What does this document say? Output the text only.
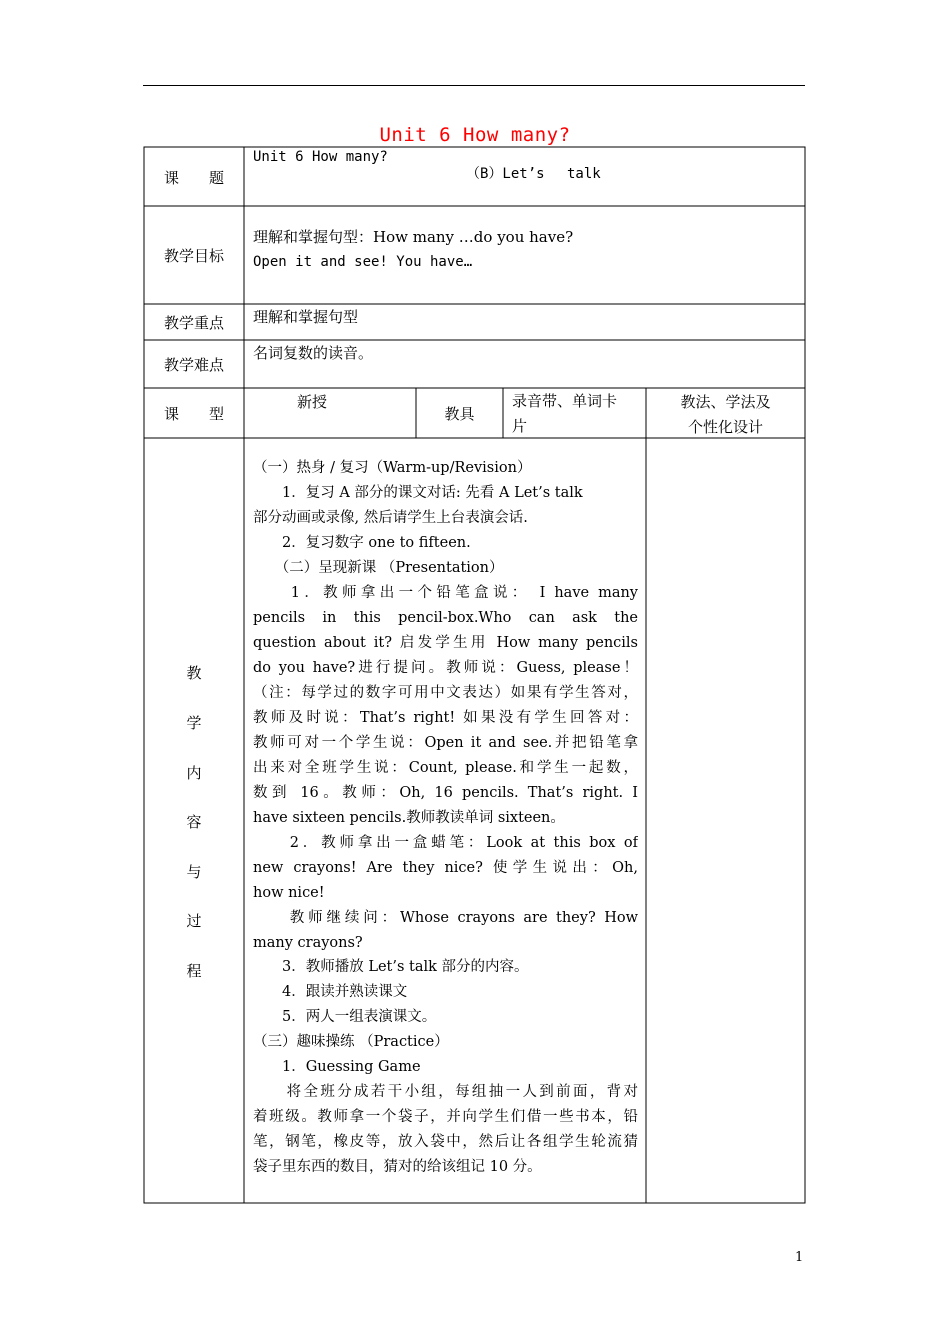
Unit 6 How many?
课　　题
Unit 6 How many?
（B）Let’s　 talk
教学目标
理解和掌握句型：How many …do you have?
Open it and see! You have…
教学重点	理解和掌握句型
教学难点
名词复数的读音。
课　　型
新授
教具
录音带、单词卡
片
教法、学法及
个性化设计
教
学
内
容
与
过
程
（一）热身 / 复习（Warm-up/Revision）
　　1．复习 A 部分的课文对话: 先看 A Let’s talk
部分动画或录像, 然后请学生上台表演会话.
　　2．复习数字 one to fifteen.
　　（二）呈现新课 （Presentation）
　　1．教师拿出一个铅笔盒说： I have many
pencils in this pencil-box.Who can ask the
question about it? 启发学生用 How many pencils
do you have?进行提问。教师说：Guess, please！
（注：每学过的数字可用中文表达）如果有学生答对，
教师及时说：That’s right! 如果没有学生回答对：
教师可对一个学生说：Open it and see.并把铅笔拿
出来对全班学生说：Count, please.和学生一起数，
数到 16。教师：Oh, 16 pencils. That’s right. I
have sixteen pencils.教师教读单词 sixteen。
　　2．教师拿出一盒蜡笔：Look at this box of
new crayons! Are they nice? 使学生说出：Oh,
how nice!
　　教师继续问：Whose crayons are they? How
many crayons?
　　3．教师播放 Let’s talk 部分的内容。
　　4．跟读并熟读课文
　　5．两人一组表演课文。
（三）趣味操练 （Practice）
　　1．Guessing Game
　　将全班分成若干小组，每组抽一人到前面，背对
着班级。教师拿一个袋子，并向学生们借一些书本，铅
笔，钢笔，橡皮等，放入袋中，然后让各组学生轮流猜
袋子里东西的数目，猜对的给该组记 10 分。
1
